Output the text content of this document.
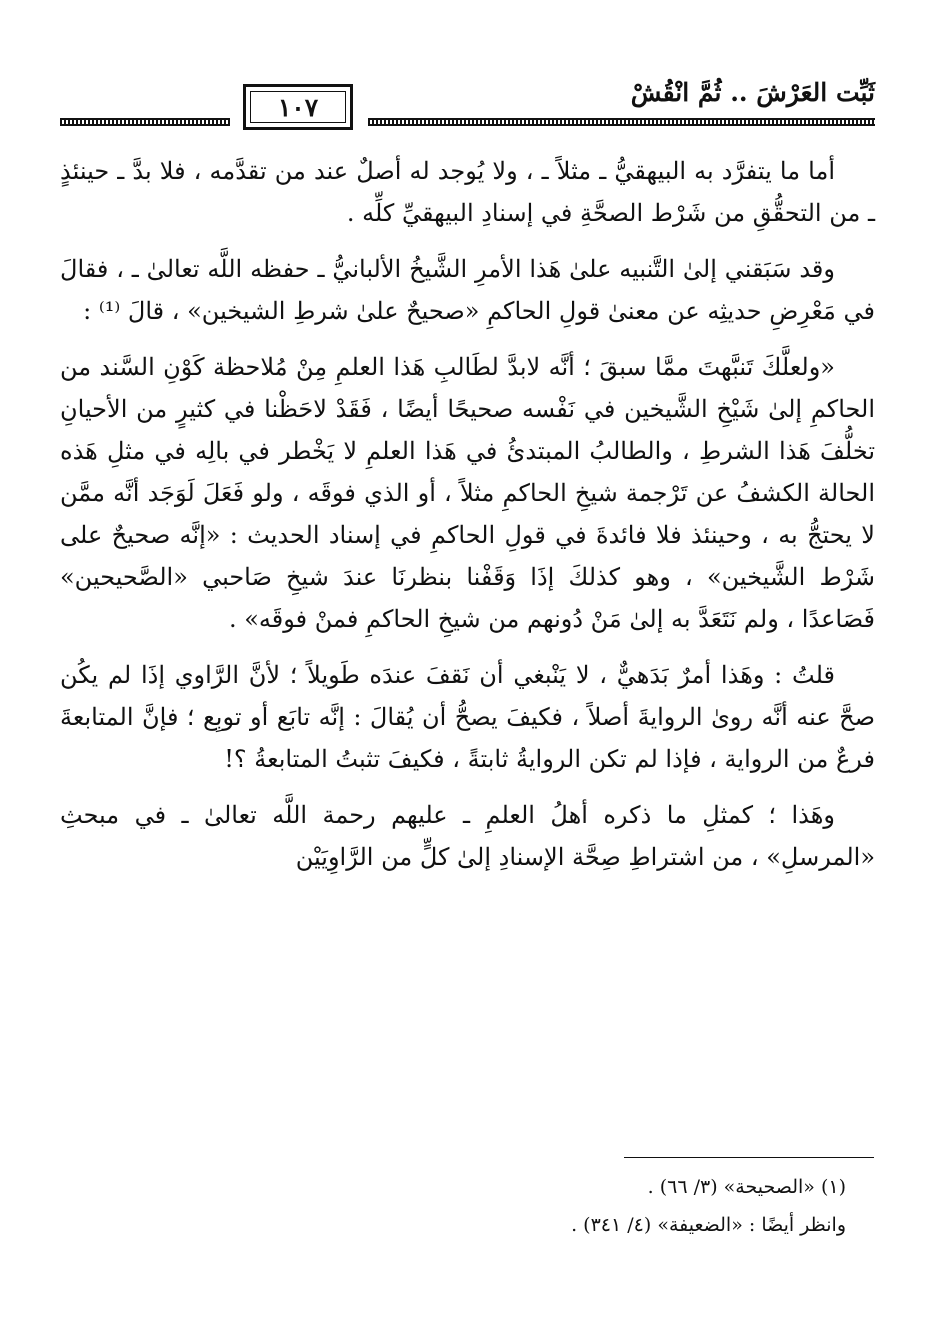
١٠٧	ثَبِّت العَرْشَ .. ثُمَّ انْقُشْ

أما ما يتفرَّد به البيهقيُّ ـ مثلاً ـ ، ولا يُوجد له أصلٌ عند من تقدَّمه ، فلا بدَّ ـ حينئذٍ ـ من التحقُّقِ من شَرْط الصحَّةِ في إسنادِ البيهقيِّ كلِّه .

وقد سَبَقني إلىٰ التَّنبيه علىٰ هَذا الأمرِ الشَّيخُ الألبانيُّ ـ حفظه اللَّه تعالىٰ ـ ، فقالَ في مَعْرِضِ حديثِه عن معنىٰ قولِ الحاكمِ «صحيحٌ علىٰ شرطِ الشيخين» ، قالَ ⁽¹⁾ :

«ولعلَّكَ تَنبَّهتَ ممَّا سبقَ ؛ أنَّه لابدَّ لطَالبِ هَذا العلمِ مِنْ مُلاحظة كَوْنِ السَّند من الحاكمِ إلىٰ شَيْخِ الشَّيخين في نَفْسه صحيحًا أيضًا ، فَقَدْ لاحَظْنا في كثيرٍ من الأحيانِ تخلُّفَ هَذا الشرطِ ، والطالبُ المبتدئُ في هَذا العلمِ لا يَخْطر في بالِه في مثلِ هَذه الحالة الكشفُ عن تَرْجمة شيخِ الحاكمِ مثلاً ، أو الذي فوقَه ، ولو فَعَلَ لَوَجَد أنَّه ممَّن لا يحتجُّ به ، وحينئذ فلا فائدةَ في قولِ الحاكمِ في إسناد الحديث : «إنَّه صحيحٌ على شَرْط الشَّيخين» ، وهو كذلكَ إذَا وَقَفْنا بنظرنَا عندَ شيخِ صَاحبي «الصَّحيحين» فَصَاعدًا ، ولم نَتَعَدَّ به إلىٰ مَنْ دُونهم من شيخِ الحاكمِ فمنْ فوقَه» .

قلتُ : وهَذا أمرٌ بَدَهيٌّ ، لا يَنْبغي أن نَقفَ عندَه طَويلاً ؛ لأنَّ الرَّاوي إذَا لم يكُن صحَّ عنه أنَّه روىٰ الروايةَ أصلاً ، فكيفَ يصحُّ أن يُقالَ : إنَّه تابَع أو توبِع ؛ فإنَّ المتابعةَ فرعٌ من الرواية ، فإذا لم تكن الروايةُ ثابتةً ، فكيفَ تثبتُ المتابعةُ ؟!

وهَذا ؛ كمثلِ ما ذكره أهلُ العلمِ ـ عليهم رحمة اللَّه تعالىٰ ـ في مبحثِ «المرسلِ» ، من اشتراطِ صِحَّة الإسنادِ إلىٰ كلٍّ من الرَّاوِيَيْن

(١) «الصحيحة» (٣/ ٦٦) .

وانظر أيضًا : «الضعيفة» (٤/ ٣٤١) .
